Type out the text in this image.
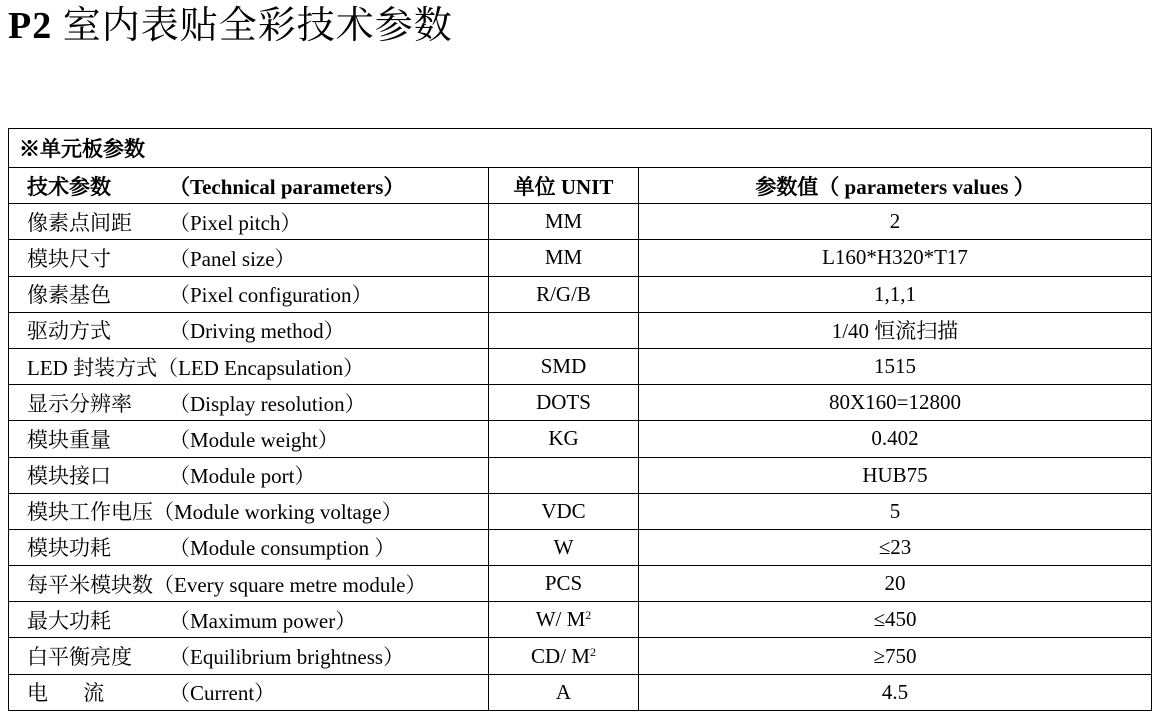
P2 室内表贴全彩技术参数
※单元板参数		
技术参数 （Technical parameters）	单位 UNIT	参数值（ parameters values ）
像素点间距 （Pixel pitch）	MM	2
模块尺寸 （Panel size）	MM	L160*H320*T17
像素基色 （Pixel configuration）	R/G/B	1,1,1
驱动方式 （Driving method）		1/40 恒流扫描
LED 封装方式（LED Encapsulation）	SMD	1515
显示分辨率 （Display resolution）	DOTS	80X160=12800
模块重量 （Module weight）	KG	0.402
模块接口 （Module port）		HUB75
模块工作电压（Module working voltage）	VDC	5
模块功耗 （Module consumption ）	W	≤23
每平米模块数（Every square metre module）	PCS	20
最大功耗 （Maximum power）	W/ $M^2$	≤450
白平衡亮度 （Equilibrium brightness）	CD/ $M^2$	≥750
电 流 （Current）	A	4.5
